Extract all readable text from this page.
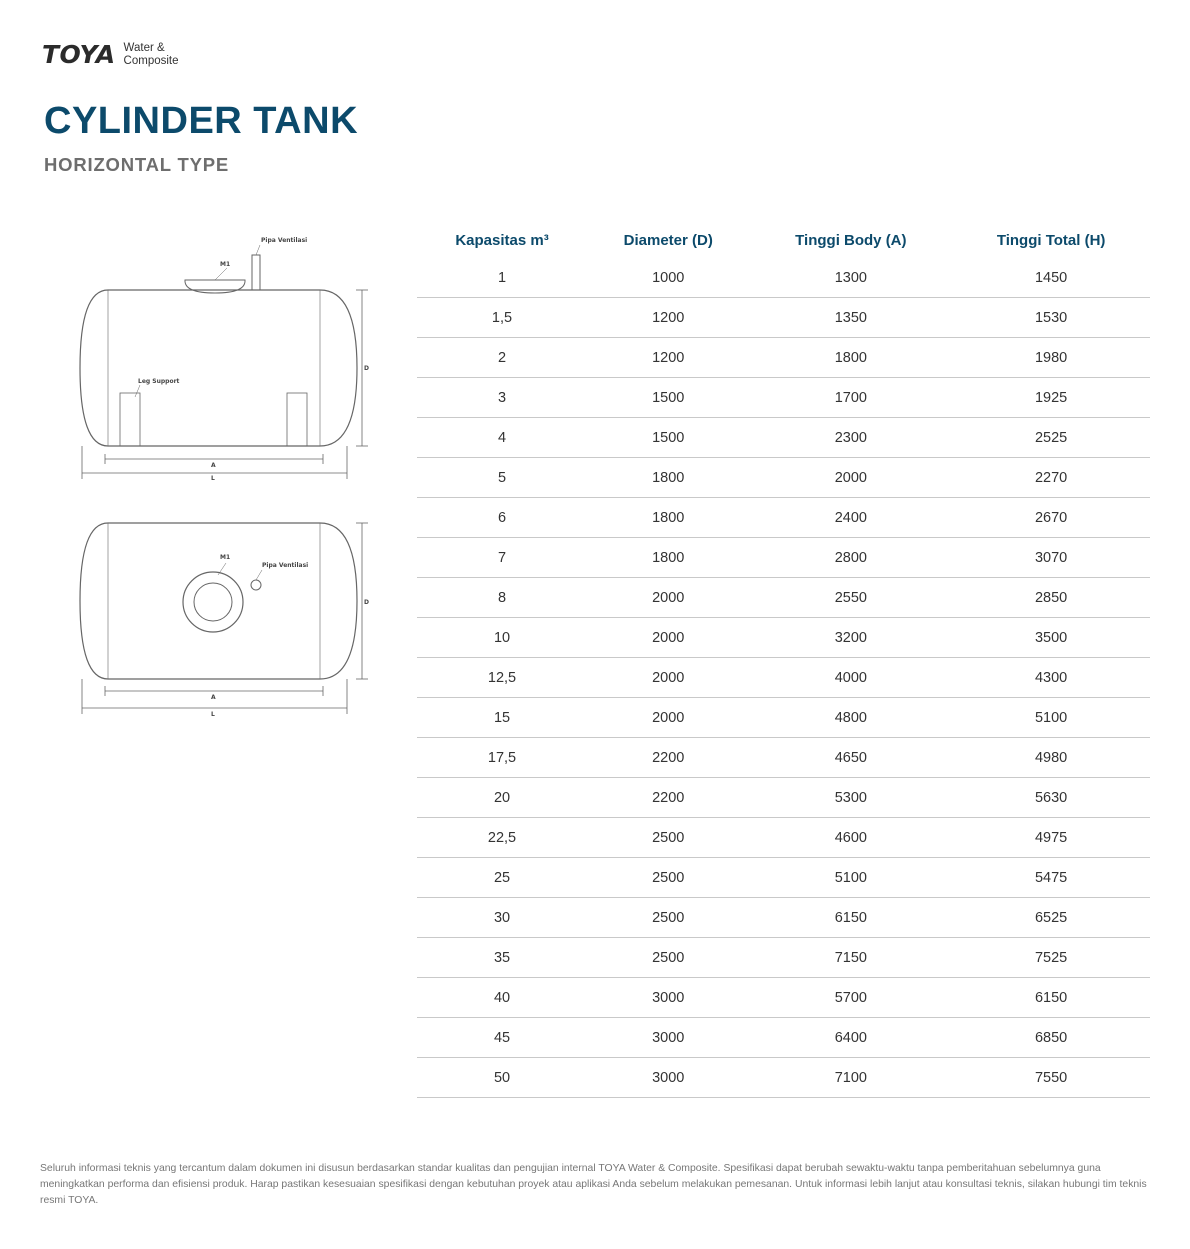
TOYA Water &
Composite
CYLINDER TANK
HORIZONTAL TYPE
Pipa Ventilasi
M1
Leg Support
D
A
L
M1
Pipa Ventilasi
D
A
L
Kapasitas m³	Diameter (D)	Tinggi Body (A)	Tinggi Total (H)
1	1000	1300	1450
1,5	1200	1350	1530
2	1200	1800	1980
3	1500	1700	1925
4	1500	2300	2525
5	1800	2000	2270
6	1800	2400	2670
7	1800	2800	3070
8	2000	2550	2850
10	2000	3200	3500
12,5	2000	4000	4300
15	2000	4800	5100
17,5	2200	4650	4980
20	2200	5300	5630
22,5	2500	4600	4975
25	2500	5100	5475
30	2500	6150	6525
35	2500	7150	7525
40	3000	5700	6150
45	3000	6400	6850
50	3000	7100	7550

Seluruh informasi teknis yang tercantum dalam dokumen ini disusun berdasarkan standar kualitas dan pengujian internal TOYA Water & Composite. Spesifikasi dapat berubah sewaktu-waktu tanpa pemberitahuan sebelumnya guna meningkatkan performa dan efisiensi produk. Harap pastikan kesesuaian spesifikasi dengan kebutuhan proyek atau aplikasi Anda sebelum melakukan pemesanan. Untuk informasi lebih lanjut atau konsultasi teknis, silakan hubungi tim teknis resmi TOYA.
